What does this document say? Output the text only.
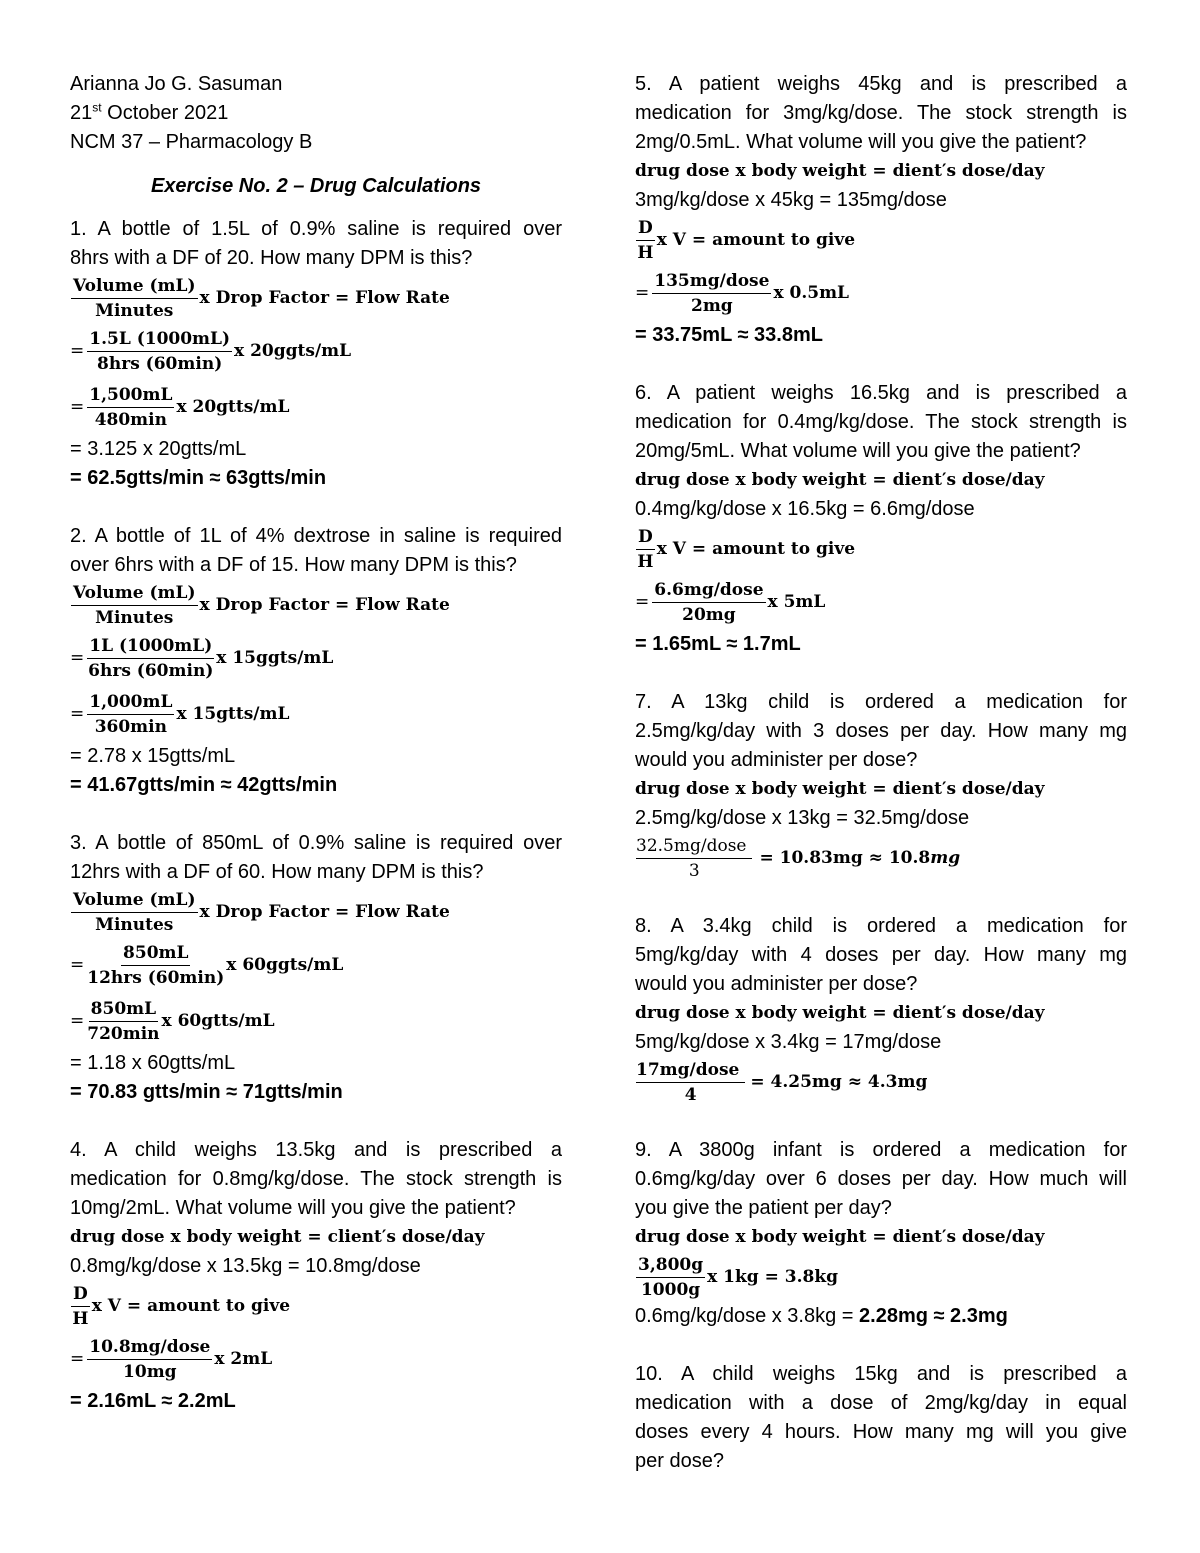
Arianna Jo G. Sasuman
21st October 2021
NCM 37 – Pharmacology B
Exercise No. 2 – Drug Calculations
1. A bottle of 1.5L of 0.9% saline is required over
8hrs with a DF of 20. How many DPM is this?
$\frac{\text{Volume (mL)}}{\text{Minutes}}$ x Drop Factor = Flow Rate
= $\frac{1.5L (1000mL)}{\text{8hrs (60min)}}$ x 20ggts/mL
= $\frac{1,500mL}{480\min}$ x 20gtts/mL
= 3.125 x 20gtts/mL
= 62.5gtts/min ≈ 63gtts/min
2. A bottle of 1L of 4% dextrose in saline is required
over 6hrs with a DF of 15. How many DPM is this?
$\frac{\text{Volume (mL)}}{\text{Minutes}}$ x Drop Factor = Flow Rate
= $\frac{1L (1000mL)}{\text{6hrs (60min)}}$ x 15ggts/mL
= $\frac{1,000mL}{360\min}$ x 15gtts/mL
= 2.78 x 15gtts/mL
= 41.67gtts/min ≈ 42gtts/min
3. A bottle of 850mL of 0.9% saline is required over
12hrs with a DF of 60. How many DPM is this?
$\frac{\text{Volume (mL)}}{\text{Minutes}}$ x Drop Factor = Flow Rate
= $\frac{850mL}{\text{12hrs (60min)}}$ x 60ggts/mL
= $\frac{850mL}{720\min}$ x 60gtts/mL
= 1.18 x 60gtts/mL
= 70.83 gtts/min ≈ 71gtts/min
4. A child weighs 13.5kg and is prescribed a
medication for 0.8mg/kg/dose. The stock strength is
10mg/2mL. What volume will you give the patient?
drug dose x body weight = client′s dose/day
0.8mg/kg/dose x 13.5kg = 10.8mg/dose
$\frac{D}{H}$ x V = amount to give
= $\frac{\text{10.8mg/dose}}{10mg}$ x 2mL
= 2.16mL ≈ 2.2mL
5. A patient weighs 45kg and is prescribed a
medication for 3mg/kg/dose. The stock strength is
2mg/0.5mL. What volume will you give the patient?
drug dose x body weight = dient′s dose/day
3mg/kg/dose x 45kg = 135mg/dose
$\frac{D}{H}$ x V = amount to give
= $\frac{\text{135mg/dose}}{2mg}$ x 0.5mL
= 33.75mL ≈ 33.8mL
6. A patient weighs 16.5kg and is prescribed a
medication for 0.4mg/kg/dose. The stock strength is
20mg/5mL. What volume will you give the patient?
drug dose x body weight = dient′s dose/day
0.4mg/kg/dose x 16.5kg = 6.6mg/dose
$\frac{D}{H}$ x V = amount to give
= $\frac{\text{6.6mg/dose}}{20mg}$ x 5mL
= 1.65mL ≈ 1.7mL
7. A 13kg child is ordered a medication for
2.5mg/kg/day with 3 doses per day. How many mg
would you administer per dose?
drug dose x body weight = dient′s dose/day
2.5mg/kg/dose x 13kg = 32.5mg/dose
$\frac{\text{32.5mg/dose}}{3} = 10.83mg \approx 10.8mg$
8. A 3.4kg child is ordered a medication for
5mg/kg/day with 4 doses per day. How many mg
would you administer per dose?
drug dose x body weight = dient′s dose/day
5mg/kg/dose x 3.4kg = 17mg/dose
$\frac{\text{17mg/dose}}{4} = 4.25mg \approx 4.3mg$
9. A 3800g infant is ordered a medication for
0.6mg/kg/day over 6 doses per day. How much will
you give the patient per day?
drug dose x body weight = dient′s dose/day
$\frac{3,800g}{1000g}$ x 1kg = 3.8kg
0.6mg/kg/dose x 3.8kg = 2.28mg ≈ 2.3mg
10. A child weighs 15kg and is prescribed a
medication with a dose of 2mg/kg/day in equal
doses every 4 hours. How many mg will you give
per dose?
